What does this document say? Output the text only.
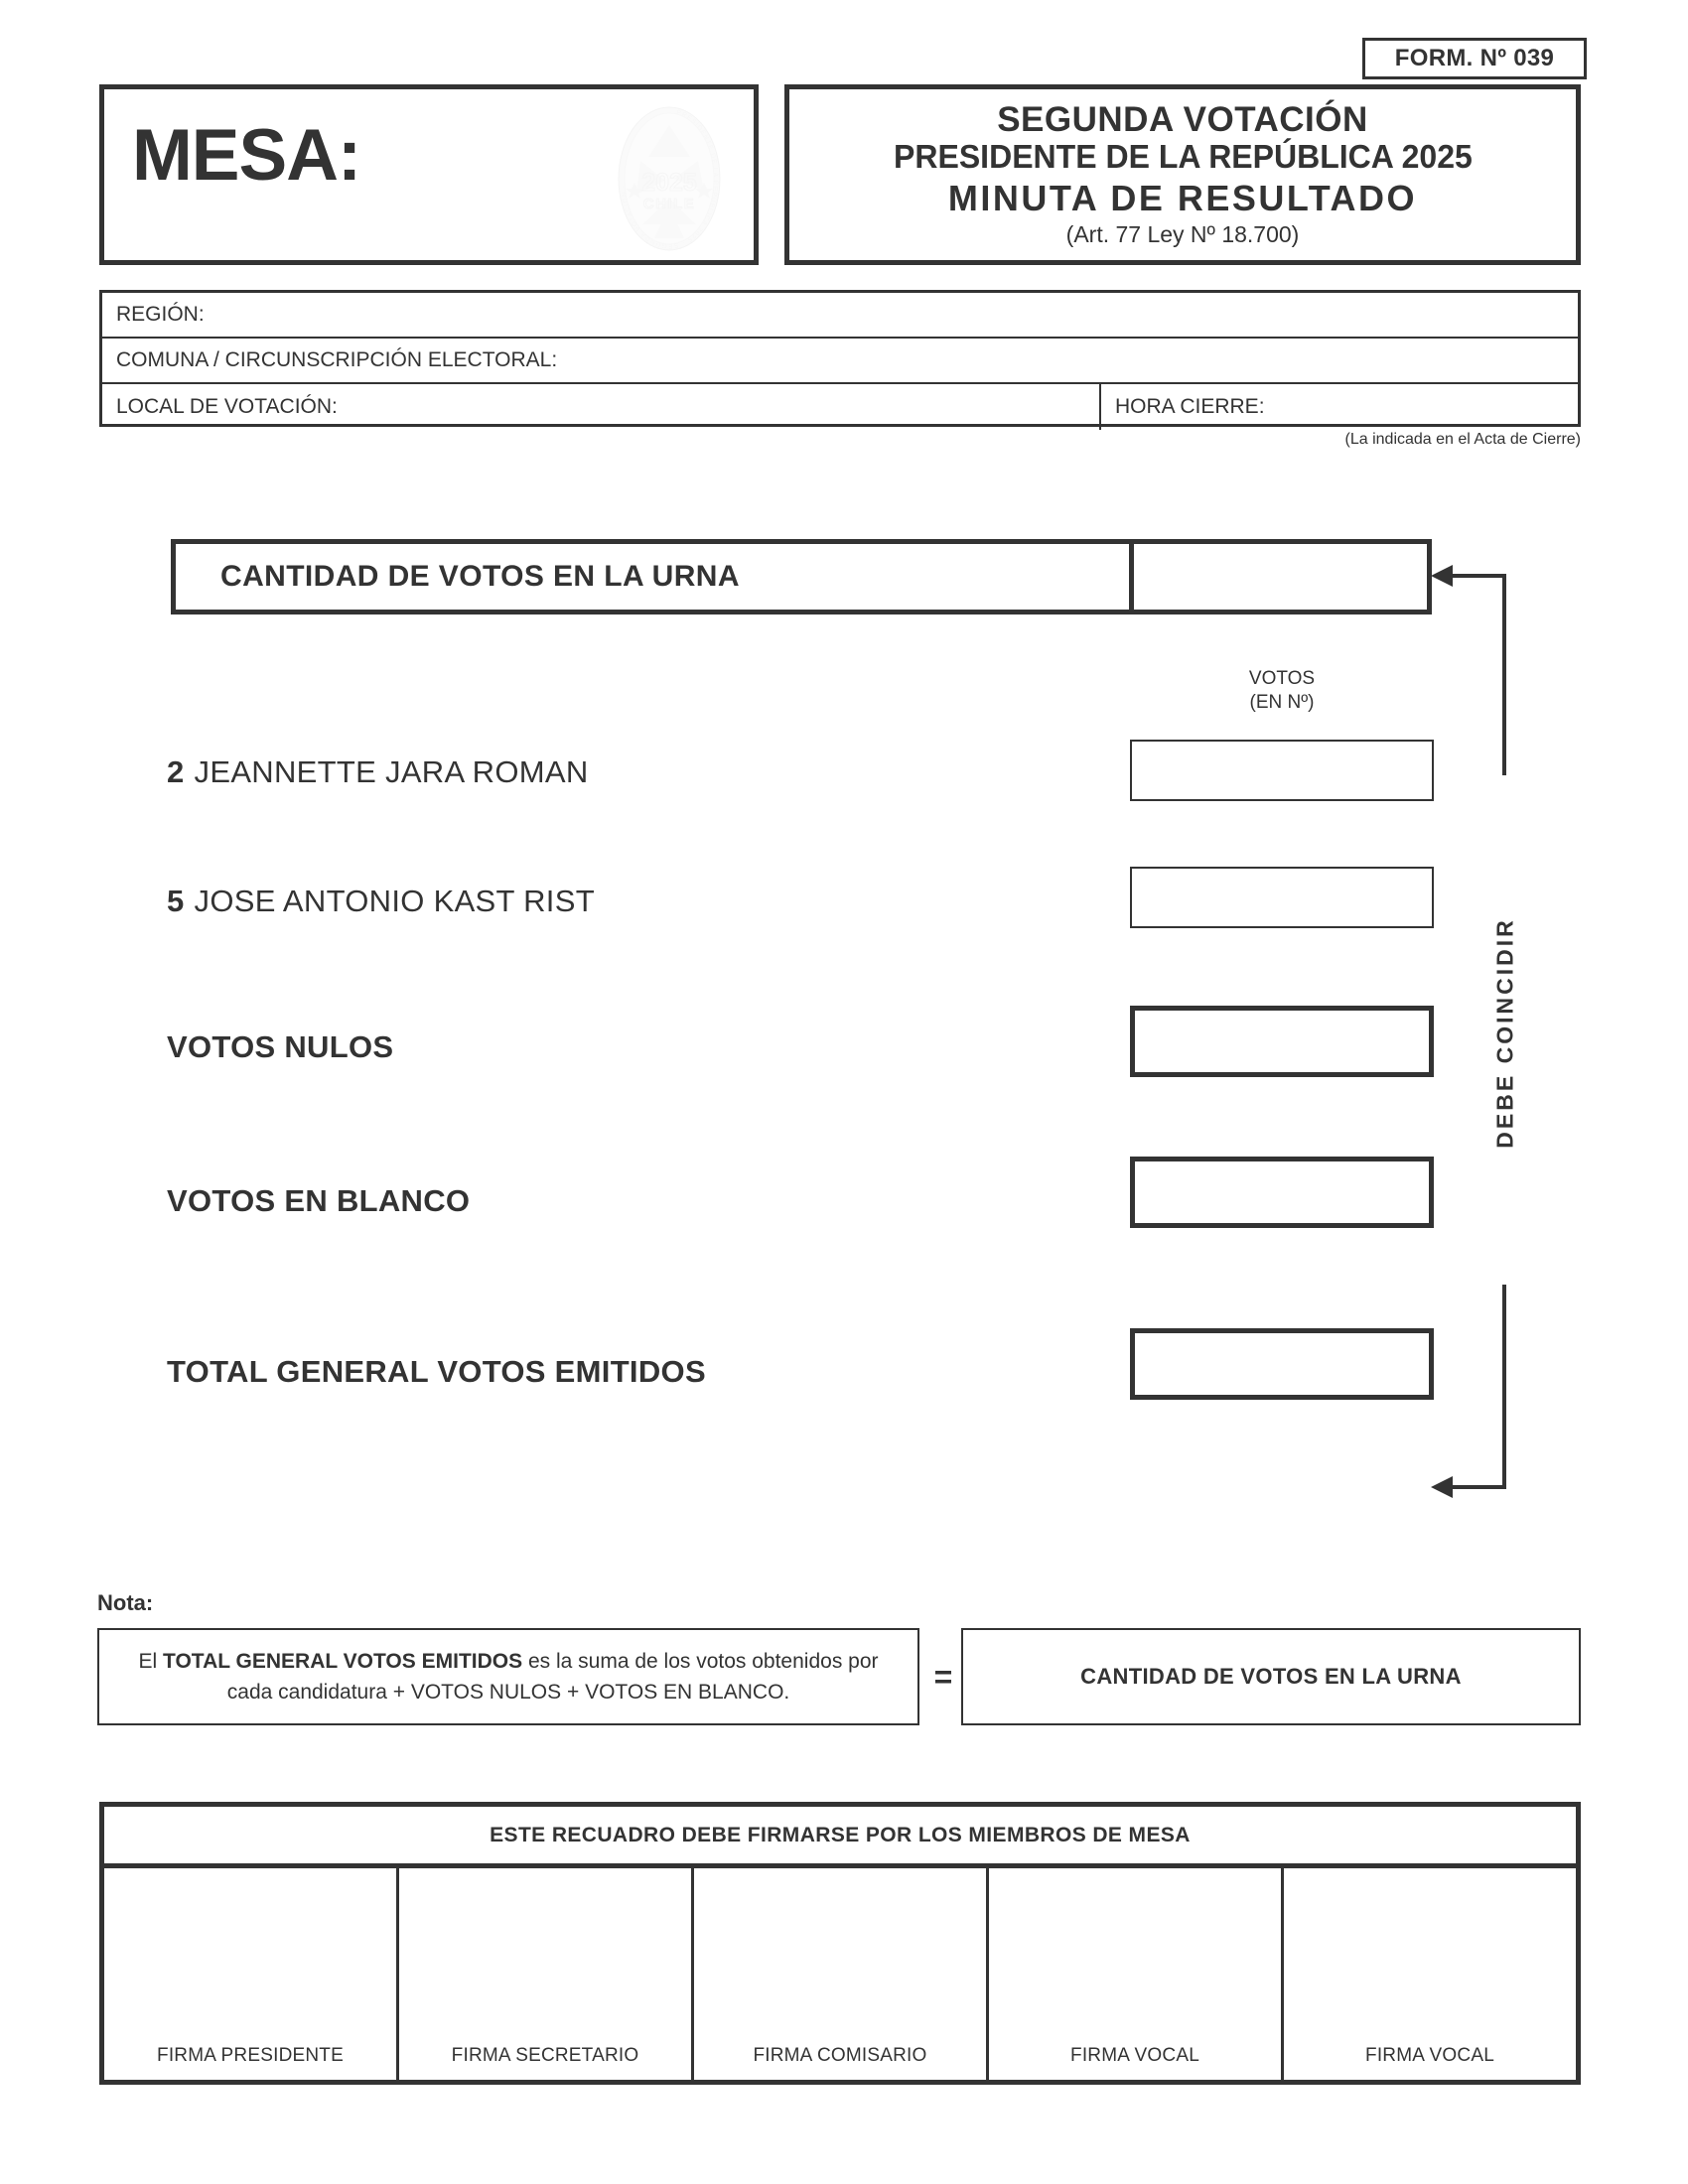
FORM. Nº 039
MESA:	2025
CHILE
PRESIDENTE DE LA REPÚBLICA 2025 · SEGUNDA VOTACIÓN ·
SEGUNDA VOTACIÓN
PRESIDENTE DE LA REPÚBLICA 2025
MINUTA DE RESULTADO
(Art. 77 Ley Nº 18.700)
REGIÓN:
COMUNA / CIRCUNSCRIPCIÓN ELECTORAL:
LOCAL DE VOTACIÓN:	HORA CIERRE:
(La indicada en el Acta de Cierre)
CANTIDAD DE VOTOS EN LA URNA
VOTOS
(EN Nº)
2 JEANNETTE JARA ROMAN
5 JOSE ANTONIO KAST RIST
VOTOS NULOS
VOTOS EN BLANCO
TOTAL GENERAL VOTOS EMITIDOS
DEBE COINCIDIR
Nota:
El TOTAL GENERAL VOTOS EMITIDOS es la suma de los votos obtenidos por cada candidatura + VOTOS NULOS + VOTOS EN BLANCO.	=	CANTIDAD DE VOTOS EN LA URNA
ESTE RECUADRO DEBE FIRMARSE POR LOS MIEMBROS DE MESA
FIRMA PRESIDENTE	FIRMA SECRETARIO	FIRMA COMISARIO	FIRMA VOCAL	FIRMA VOCAL
